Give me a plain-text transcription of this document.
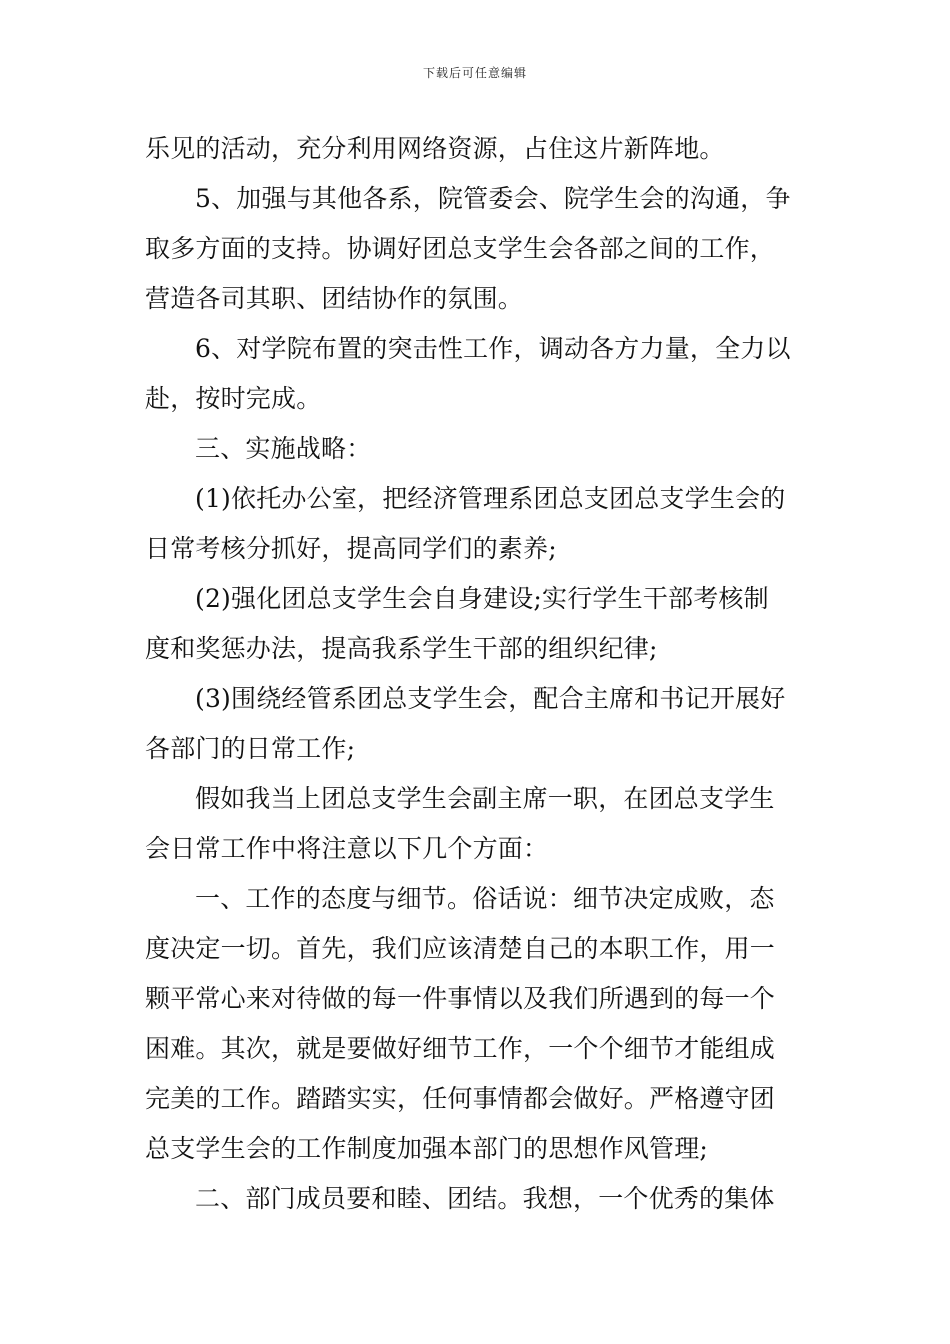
下载后可任意编辑
乐见的活动，充分利用网络资源，占住这片新阵地。
5、加强与其他各系，院管委会、院学生会的沟通，争
取多方面的支持。协调好团总支学生会各部之间的工作，
营造各司其职、团结协作的氛围。
6、对学院布置的突击性工作，调动各方力量，全力以
赴，按时完成。
三、实施战略：
(1)依托办公室，把经济管理系团总支团总支学生会的
日常考核分抓好，提高同学们的素养;
(2)强化团总支学生会自身建设;实行学生干部考核制
度和奖惩办法，提高我系学生干部的组织纪律;
(3)围绕经管系团总支学生会，配合主席和书记开展好
各部门的日常工作;
假如我当上团总支学生会副主席一职，在团总支学生
会日常工作中将注意以下几个方面：
一、工作的态度与细节。俗话说：细节决定成败，态
度决定一切。首先，我们应该清楚自己的本职工作，用一
颗平常心来对待做的每一件事情以及我们所遇到的每一个
困难。其次，就是要做好细节工作，一个个细节才能组成
完美的工作。踏踏实实，任何事情都会做好。严格遵守团
总支学生会的工作制度加强本部门的思想作风管理;
二、部门成员要和睦、团结。我想，一个优秀的集体
